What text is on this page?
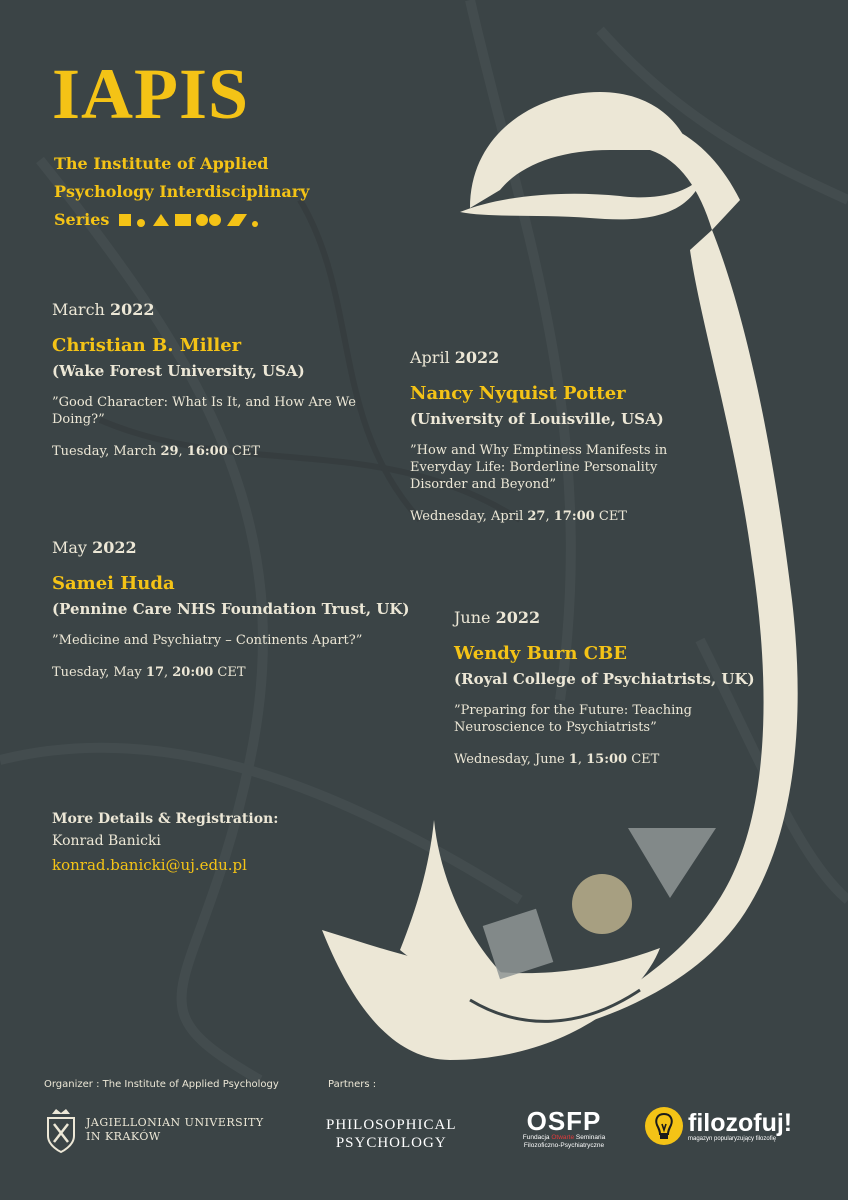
IAPIS
The Institute of Applied
Psychology Interdisciplinary
Series
March 2022
Christian B. Miller
(Wake Forest University, USA)
”Good Character: What Is It, and How Are We Doing?”
Tuesday, March 29, 16:00 CET
April 2022
Nancy Nyquist Potter
(University of Louisville, USA)
”How and Why Emptiness Manifests in Everyday Life: Borderline Personality Disorder and Beyond”
Wednesday, April 27, 17:00 CET
May 2022
Samei Huda
(Pennine Care NHS Foundation Trust, UK)
”Medicine and Psychiatry – Continents Apart?”
Tuesday, May 17, 20:00 CET
June 2022
Wendy Burn CBE
(Royal College of Psychiatrists, UK)
”Preparing for the Future: Teaching Neuroscience to Psychiatrists”
Wednesday, June 1, 15:00 CET
More Details & Registration:
Konrad Banicki
konrad.banicki@uj.edu.pl
Organizer : The Institute of Applied Psychology	Partners :
JAGIELLONIAN UNIVERSITY
IN KRAKÓW
PHILOSOPHICAL
PSYCHOLOGY
OSFP
Fundacja Otwarte Seminaria
Filozoficzno-Psychiatryczne
filozofuj!
magazyn popularyzujący filozofię
